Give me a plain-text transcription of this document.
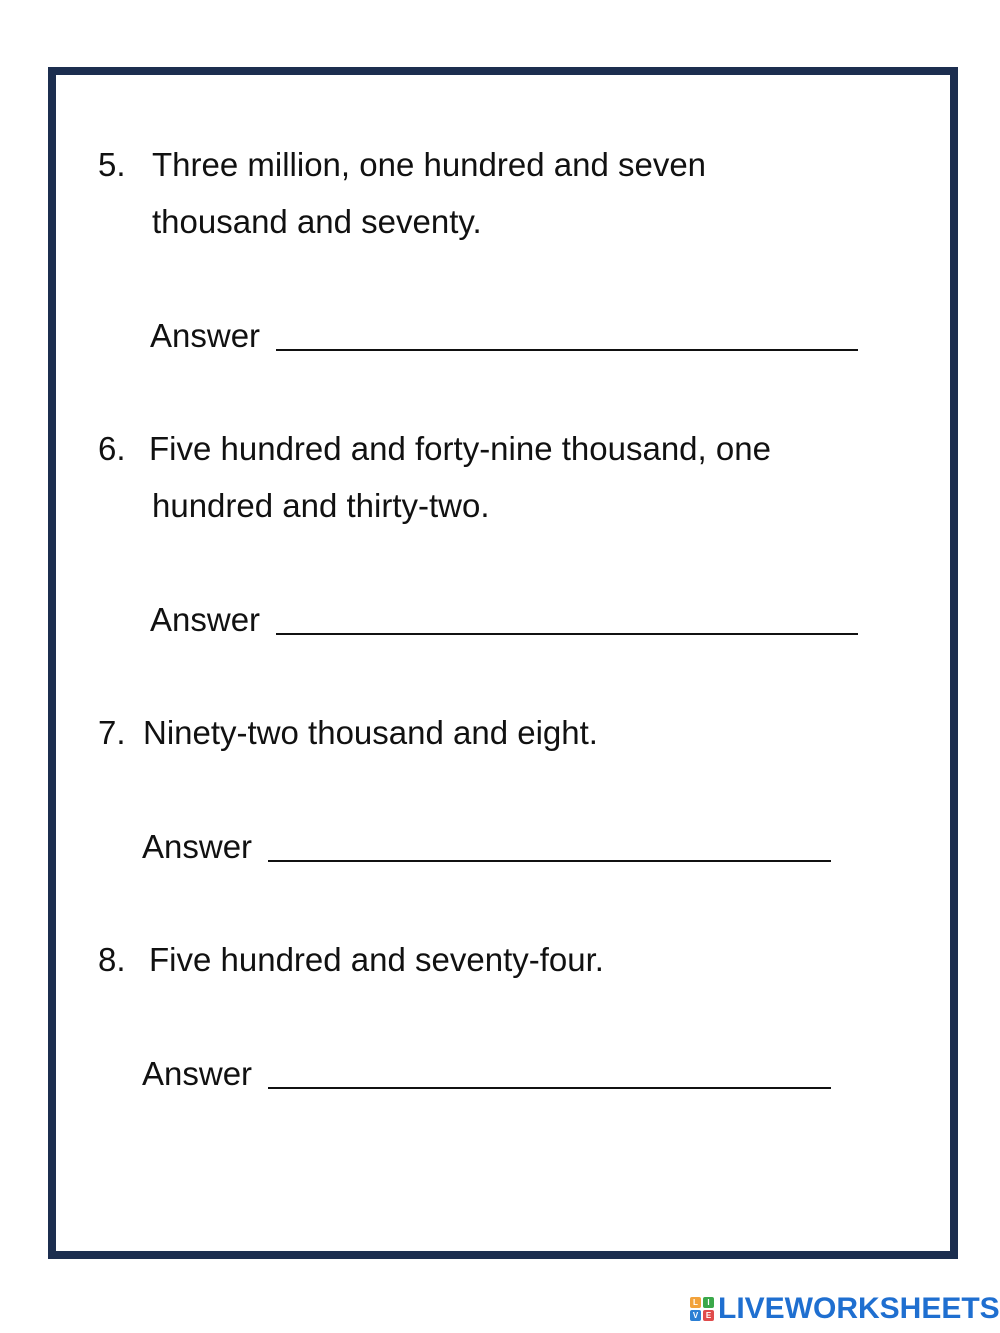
5. Three million, one hundred and seven
thousand and seventy.
Answer
6. Five hundred and forty-nine thousand, one
hundred and thirty-two.
Answer
7. Ninety-two thousand and eight.
Answer
8. Five hundred and seventy-four.
Answer
L	I
V E LIVEWORKSHEETS
